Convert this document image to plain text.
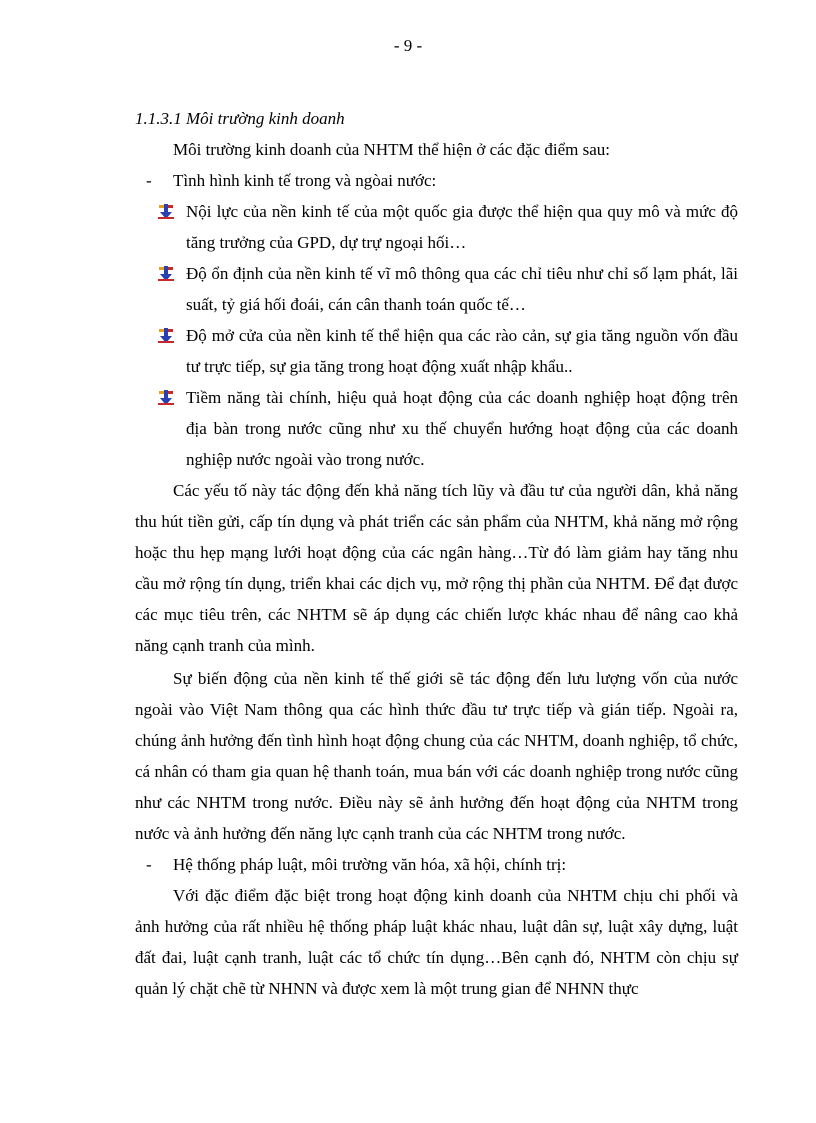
- 9 -

1.1.3.1 Môi trường kinh doanh

Môi trường kinh doanh của NHTM thể hiện ở các đặc điểm sau:

- Tình hình kinh tế trong và ngòai nước:

Nội lực của nền kinh tế của một quốc gia được thể hiện qua quy mô và mức độ tăng trưởng của GPD, dự trự ngoại hối…

Độ ổn định của nền kinh tế vĩ mô thông qua các chỉ tiêu như chỉ số lạm phát, lãi suất, tỷ giá hối đoái, cán cân thanh toán quốc tế…

Độ mở cửa của nền kinh tế thể hiện qua các rào cản, sự gia tăng nguồn vốn đầu tư trực tiếp, sự gia tăng trong hoạt động xuất nhập khẩu..

Tiềm năng tài chính, hiệu quả hoạt động của các doanh nghiệp hoạt động trên địa bàn trong nước cũng như xu thế chuyển hướng hoạt động của các doanh nghiệp nước ngoài vào trong nước.

Các yếu tố này tác động đến khả năng tích lũy và đầu tư của người dân, khả năng thu hút tiền gửi, cấp tín dụng và phát triển các sản phẩm của NHTM, khả năng mở rộng hoặc thu hẹp mạng lưới hoạt động của các ngân hàng…Từ đó làm giảm hay tăng nhu cầu mở rộng tín dụng, triển khai các dịch vụ, mở rộng thị phần của NHTM. Để đạt được các mục tiêu trên, các NHTM sẽ áp dụng các chiến lược khác nhau để nâng cao khả năng cạnh tranh của mình.

Sự biến động của nền kinh tế thế giới sẽ tác động đến lưu lượng vốn của nước ngoài vào Việt Nam thông qua các hình thức đầu tư trực tiếp và gián tiếp. Ngoài ra, chúng ảnh hưởng đến tình hình hoạt động chung của các NHTM, doanh nghiệp, tổ chức, cá nhân có tham gia quan hệ thanh toán, mua bán với các doanh nghiệp trong nước cũng như các NHTM trong nước. Điều này sẽ ảnh hưởng đến hoạt động của NHTM trong nước và ảnh hưởng đến năng lực cạnh tranh của các NHTM trong nước.

- Hệ thống pháp luật, môi trường văn hóa, xã hội, chính trị:

Với đặc điểm đặc biệt trong hoạt động kinh doanh của NHTM chịu chi phối và ảnh hưởng của rất nhiều hệ thống pháp luật khác nhau, luật dân sự, luật xây dựng, luật đất đai, luật cạnh tranh, luật các tổ chức tín dụng…Bên cạnh đó, NHTM còn chịu sự quản lý chặt chẽ từ NHNN và được xem là một trung gian để NHNN thực
